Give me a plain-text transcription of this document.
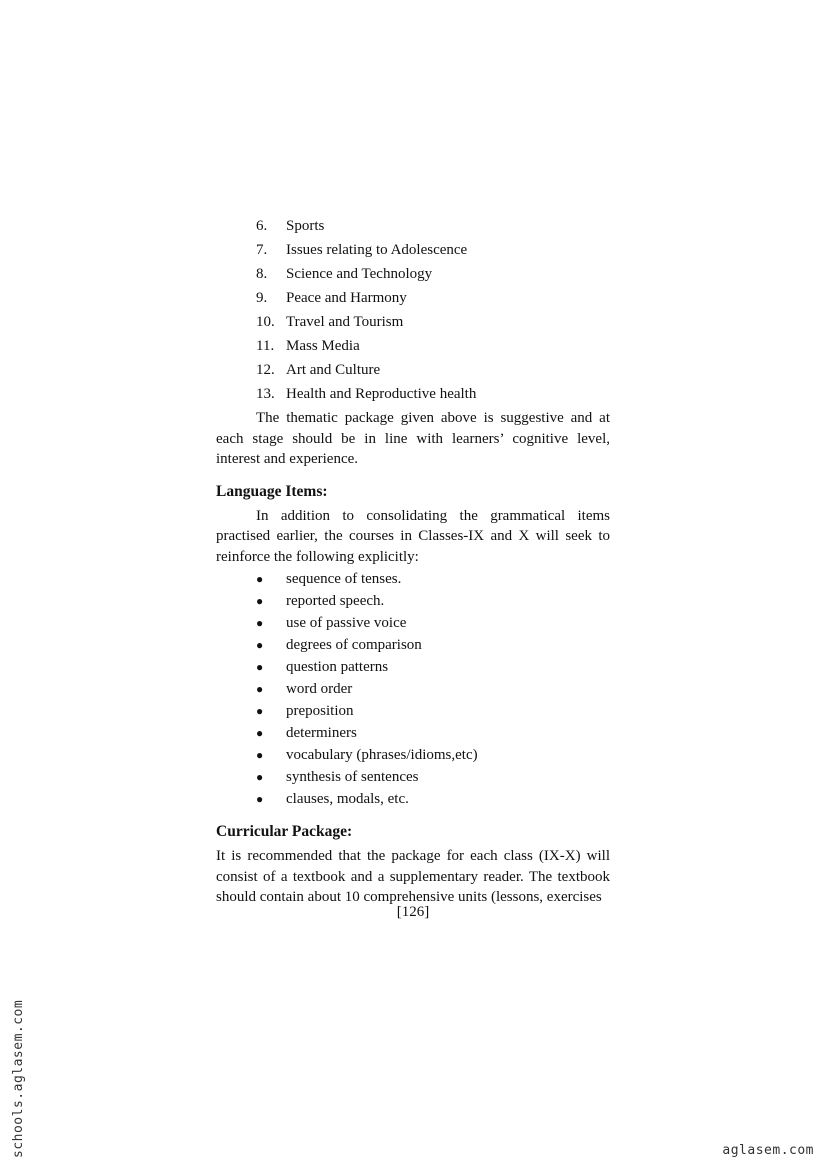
6.	Sports
7.	Issues relating to Adolescence
8.	Science and Technology
9.	Peace and Harmony
10. Travel and Tourism
11. Mass Media
12. Art and Culture
13. Health and Reproductive health

The thematic package given above is suggestive and at each stage should be in line with learners’ cognitive level, interest and experience.

Language Items:

In addition to consolidating the grammatical items practised earlier, the courses in Classes-IX and X will seek to reinforce the following explicitly:

●	sequence of tenses.
●	reported speech.
●	use of passive voice
●	degrees of comparison
●	question patterns
●	word order
●	preposition
●	determiners
●	vocabulary (phrases/idioms,etc)
●	synthesis of sentences
●	clauses, modals, etc.
Curricular Package:

It is recommended that the package for each class (IX-X) will consist of a textbook and a supplementary reader. The textbook should contain about 10 comprehensive units (lessons, exercises

[126]
schools.aglasem.com	aglasem.com
